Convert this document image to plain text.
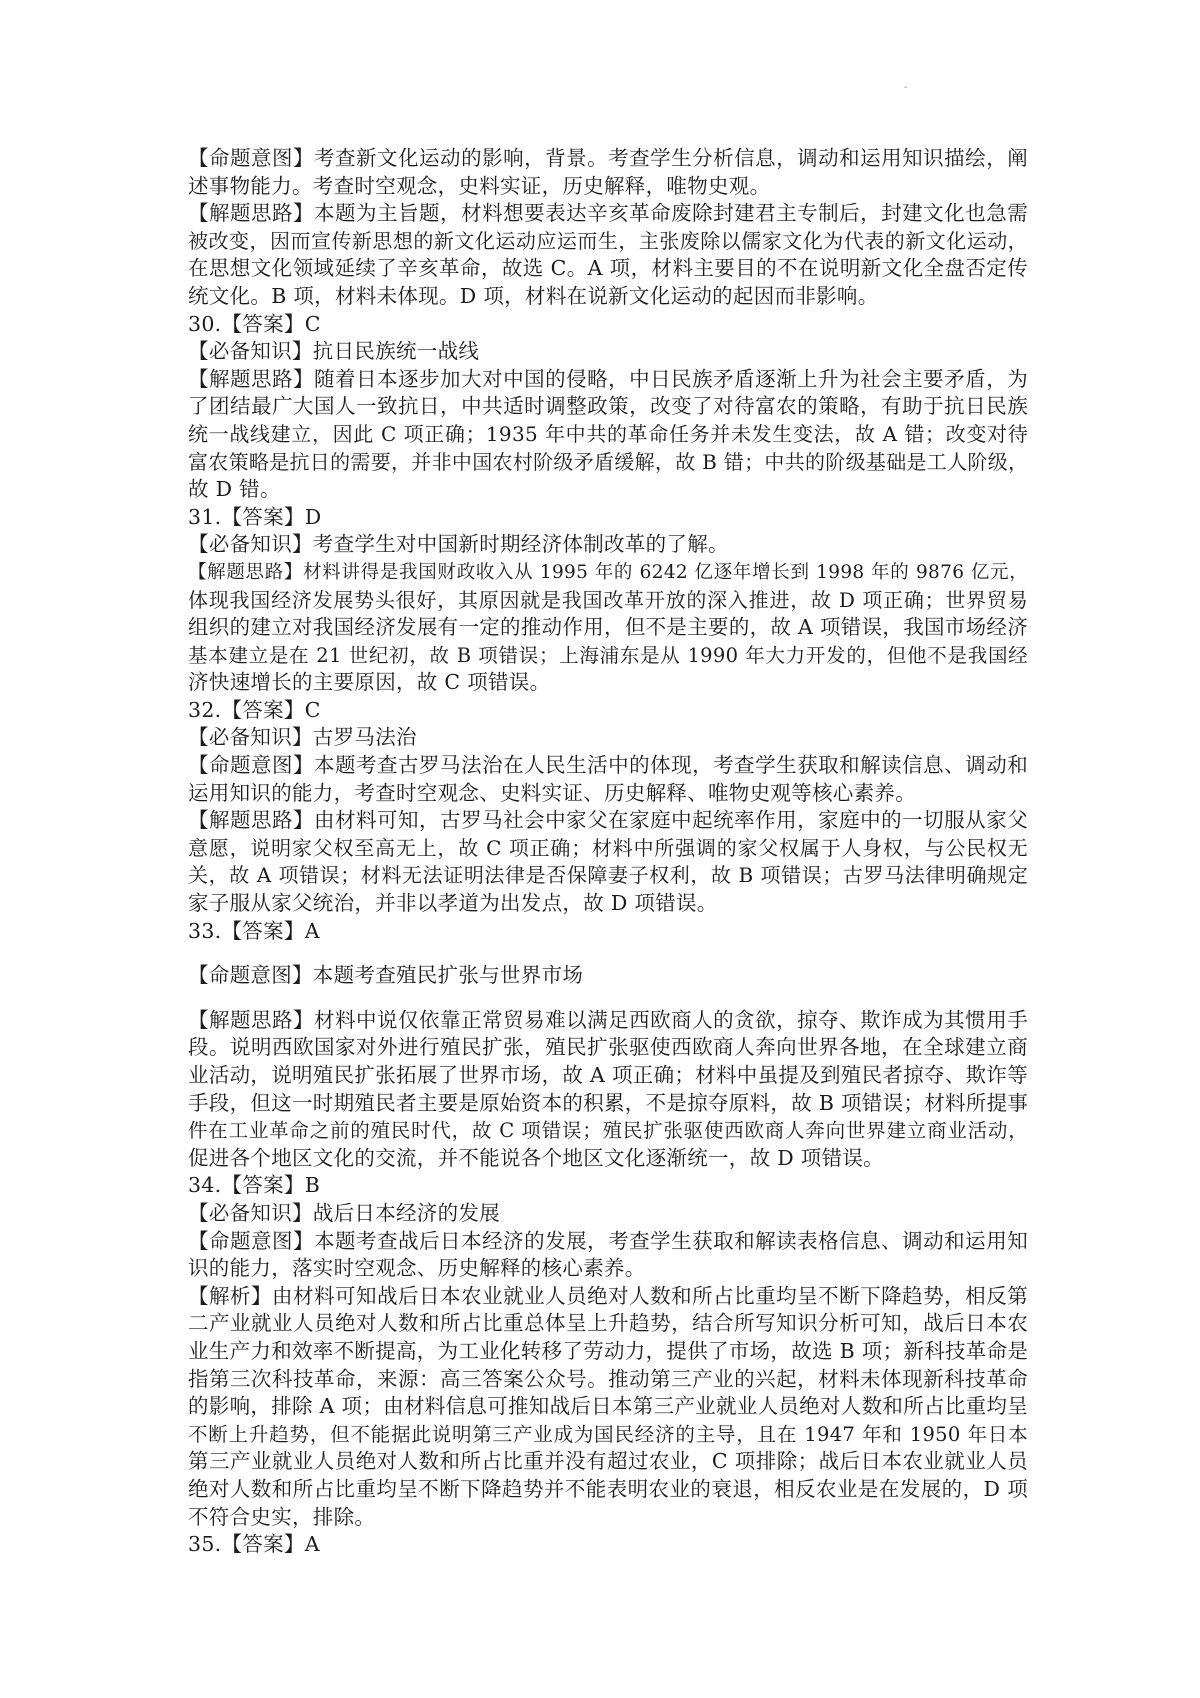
-
【命题意图】考查新文化运动的影响，背景。考查学生分析信息，调动和运用知识描绘，阐
述事物能力。考查时空观念，史料实证，历史解释，唯物史观。
【解题思路】本题为主旨题，材料想要表达辛亥革命废除封建君主专制后，封建文化也急需
被改变，因而宣传新思想的新文化运动应运而生，主张废除以儒家文化为代表的新文化运动，
在思想文化领域延续了辛亥革命，故选 C。A 项，材料主要目的不在说明新文化全盘否定传
统文化。B 项，材料未体现。D 项，材料在说新文化运动的起因而非影响。
30.【答案】C
【必备知识】抗日民族统一战线
【解题思路】随着日本逐步加大对中国的侵略，中日民族矛盾逐渐上升为社会主要矛盾，为
了团结最广大国人一致抗日，中共适时调整政策，改变了对待富农的策略，有助于抗日民族
统一战线建立，因此 C 项正确；1935 年中共的革命任务并未发生变法，故 A 错；改变对待
富农策略是抗日的需要，并非中国农村阶级矛盾缓解，故 B 错；中共的阶级基础是工人阶级，
故 D 错。
31.【答案】D
【必备知识】考查学生对中国新时期经济体制改革的了解。
【解题思路】材料讲得是我国财政收入从 1995 年的 6242 亿逐年增长到 1998 年的 9876 亿元，
体现我国经济发展势头很好，其原因就是我国改革开放的深入推进，故 D 项正确；世界贸易
组织的建立对我国经济发展有一定的推动作用，但不是主要的，故 A 项错误，我国市场经济
基本建立是在 21 世纪初，故 B 项错误；上海浦东是从 1990 年大力开发的，但他不是我国经
济快速增长的主要原因，故 C 项错误。
32.【答案】C
【必备知识】古罗马法治
【命题意图】本题考查古罗马法治在人民生活中的体现，考查学生获取和解读信息、调动和
运用知识的能力，考查时空观念、史料实证、历史解释、唯物史观等核心素养。
【解题思路】由材料可知，古罗马社会中家父在家庭中起统率作用，家庭中的一切服从家父
意愿，说明家父权至高无上，故 C 项正确；材料中所强调的家父权属于人身权，与公民权无
关，故 A 项错误；材料无法证明法律是否保障妻子权利，故 B 项错误；古罗马法律明确规定
家子服从家父统治，并非以孝道为出发点，故 D 项错误。
33.【答案】A
【命题意图】本题考查殖民扩张与世界市场
【解题思路】材料中说仅依靠正常贸易难以满足西欧商人的贪欲，掠夺、欺诈成为其惯用手
段。说明西欧国家对外进行殖民扩张，殖民扩张驱使西欧商人奔向世界各地，在全球建立商
业活动，说明殖民扩张拓展了世界市场，故 A 项正确；材料中虽提及到殖民者掠夺、欺诈等
手段，但这一时期殖民者主要是原始资本的积累，不是掠夺原料，故 B 项错误；材料所提事
件在工业革命之前的殖民时代，故 C 项错误；殖民扩张驱使西欧商人奔向世界建立商业活动，
促进各个地区文化的交流，并不能说各个地区文化逐渐统一，故 D 项错误。
34.【答案】B
【必备知识】战后日本经济的发展
【命题意图】本题考查战后日本经济的发展，考查学生获取和解读表格信息、调动和运用知
识的能力，落实时空观念、历史解释的核心素养。
【解析】由材料可知战后日本农业就业人员绝对人数和所占比重均呈不断下降趋势，相反第
二产业就业人员绝对人数和所占比重总体呈上升趋势，结合所写知识分析可知，战后日本农
业生产力和效率不断提高，为工业化转移了劳动力，提供了市场，故选 B 项；新科技革命是
指第三次科技革命，来源：高三答案公众号。推动第三产业的兴起，材料未体现新科技革命
的影响，排除 A 项；由材料信息可推知战后日本第三产业就业人员绝对人数和所占比重均呈
不断上升趋势，但不能据此说明第三产业成为国民经济的主导，且在 1947 年和 1950 年日本
第三产业就业人员绝对人数和所占比重并没有超过农业，C 项排除；战后日本农业就业人员
绝对人数和所占比重均呈不断下降趋势并不能表明农业的衰退，相反农业是在发展的，D 项
不符合史实，排除。
35.【答案】A
